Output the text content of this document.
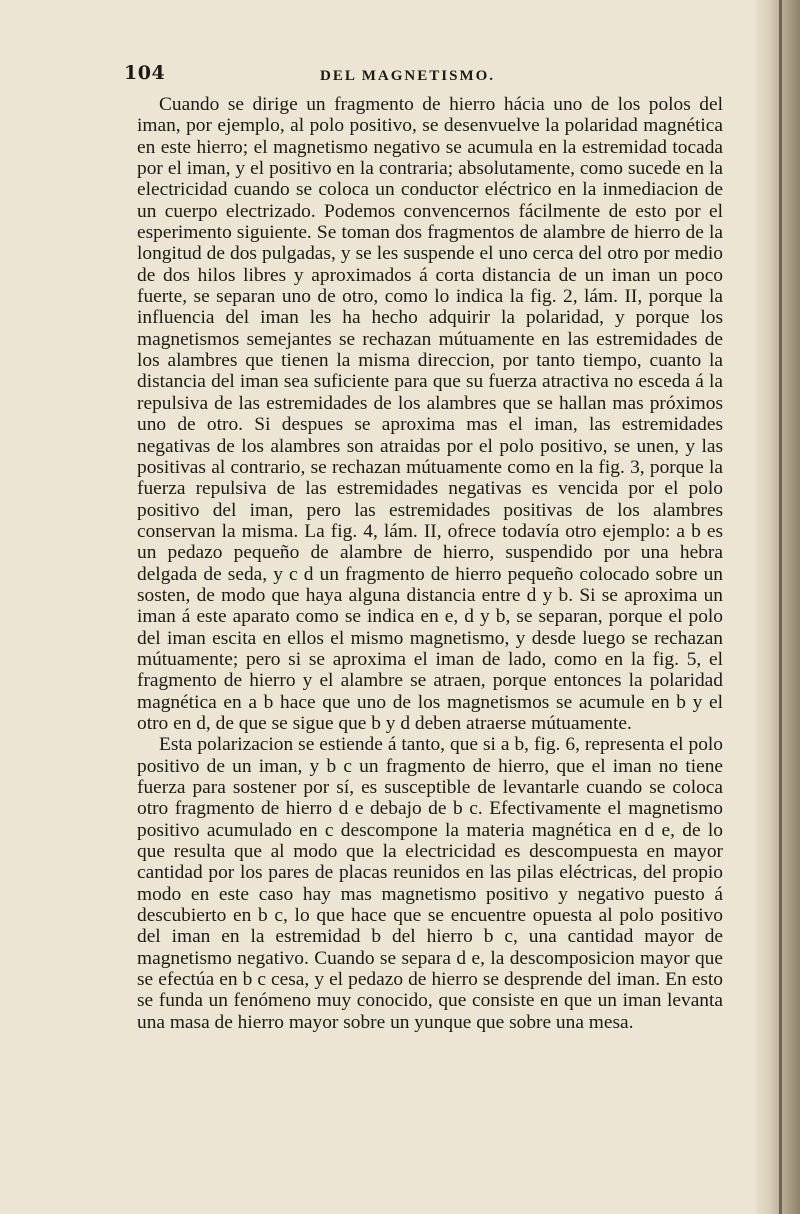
104	DEL MAGNETISMO.

Cuando se dirige un fragmento de hierro hácia uno de los polos del iman, por ejemplo, al polo positivo, se desenvuelve la polaridad magnética en este hierro; el magnetismo negativo se acumula en la estremidad tocada por el iman, y el positivo en la contraria; absolutamente, como sucede en la electricidad cuando se coloca un conductor eléctrico en la inmediacion de un cuerpo electrizado. Podemos convencernos fácilmente de esto por el esperimento siguiente. Se toman dos fragmentos de alambre de hierro de la longitud de dos pulgadas, y se les suspende el uno cerca del otro por medio de dos hilos libres y aproximados á corta distancia de un iman un poco fuerte, se separan uno de otro, como lo indica la fig. 2, lám. II, porque la influencia del iman les ha hecho adquirir la polaridad, y porque los magnetismos semejantes se rechazan mútuamente en las estremidades de los alambres que tienen la misma direccion, por tanto tiempo, cuanto la distancia del iman sea suficiente para que su fuerza atractiva no esceda á la repulsiva de las estremidades de los alambres que se hallan mas próximos uno de otro. Si despues se aproxima mas el iman, las estremidades negativas de los alambres son atraidas por el polo positivo, se unen, y las positivas al contrario, se rechazan mútuamente como en la fig. 3, porque la fuerza repulsiva de las estremidades negativas es vencida por el polo positivo del iman, pero las estremidades positivas de los alambres conservan la misma. La fig. 4, lám. II, ofrece todavía otro ejemplo: a b es un pedazo pequeño de alambre de hierro, suspendido por una hebra delgada de seda, y c d un fragmento de hierro pequeño colocado sobre un sosten, de modo que haya alguna distancia entre d y b. Si se aproxima un iman á este aparato como se indica en e, d y b, se separan, porque el polo del iman escita en ellos el mismo magnetismo, y desde luego se rechazan mútuamente; pero si se aproxima el iman de lado, como en la fig. 5, el fragmento de hierro y el alambre se atraen, porque entonces la polaridad magnética en a b hace que uno de los magnetismos se acumule en b y el otro en d, de que se sigue que b y d deben atraerse mútuamente.

Esta polarizacion se estiende á tanto, que si a b, fig. 6, representa el polo positivo de un iman, y b c un fragmento de hierro, que el iman no tiene fuerza para sostener por sí, es susceptible de levantarle cuando se coloca otro fragmento de hierro d e debajo de b c. Efectivamente el magnetismo positivo acumulado en c descompone la materia magnética en d e, de lo que resulta que al modo que la electricidad es descompuesta en mayor cantidad por los pares de placas reunidos en las pilas eléctricas, del propio modo en este caso hay mas magnetismo positivo y negativo puesto á descubierto en b c, lo que hace que se encuentre opuesta al polo positivo del iman en la estremidad b del hierro b c, una cantidad mayor de magnetismo negativo. Cuando se separa d e, la descomposicion mayor que se efectúa en b c cesa, y el pedazo de hierro se desprende del iman. En esto se funda un fenómeno muy conocido, que consiste en que un iman levanta una masa de hierro mayor sobre un yunque que sobre una mesa.
